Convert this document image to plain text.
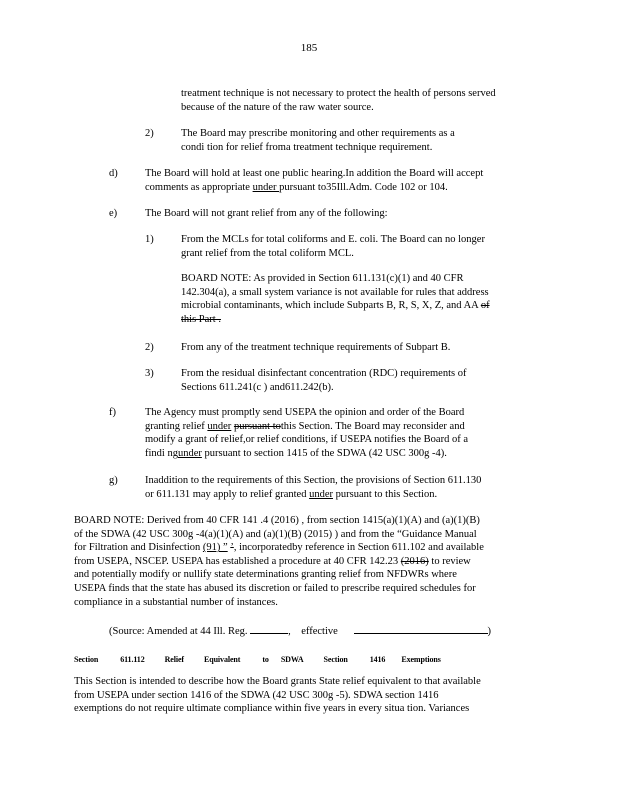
185
treatment technique is not necessary to protect the health of persons served
because of the nature of the raw water source.
2)	The Board may prescribe monitoring and other requirements as a
condi tion for relief froma treatment technique requirement.
d)	The Board will hold at least one public hearing.In addition the Board will accept
comments as appropriate under pursuant to35Ill.Adm. Code 102 or 104.
e)	The Board will not grant relief from any of the following:
1)	From the MCLs for total coliforms and E. coli. The Board can no longer
grant relief from the total coliform MCL.
BOARD NOTE: As provided in Section 611.131(c)(1) and 40 CFR
142.304(a), a small system variance is not available for rules that address
microbial contaminants, which include Subparts B, R, S, X, Z, and AA of
this Part .
2)	From any of the treatment technique requirements of Subpart B.
3)	From the residual disinfectant concentration (RDC) requirements of
Sections 611.241(c ) and611.242(b).
f)	The Agency must promptly send USEPA the opinion and order of the Board
granting relief under pursuant tothis Section. The Board may reconsider and
modify a grant of relief,or relief conditions, if USEPA notifies the Board of a
findi ngunder pursuant to section 1415 of the SDWA (42 USC 300g -4).
g)	Inaddition to the requirements of this Section, the provisions of Section 611.130
or 611.131 may apply to relief granted under pursuant to this Section.
BOARD NOTE: Derived from 40 CFR 141 .4 (2016) , from section 1415(a)(1)(A) and (a)(1)(B)
of the SDWA (42 USC 300g -4(a)(1)(A) and (a)(1)(B) (2015) ) and from the “Guidance Manual
for Filtration and Disinfection (91) ” ’, incorporatedby reference in Section 611.102 and available
from USEPA, NSCEP. USEPA has established a procedure at 40 CFR 142.23 (2016) to review
and potentially modify or nullify state determinations granting relief from NFDWRs where
USEPA finds that the state has abused its discretion or failed to prescribe required schedules for
compliance in a substantial number of instances.
(Source: Amended at 44 Ill. Reg.	, effective	)
Section	611.112	Relief	Equivalent	to SDWA	Section	1416 Exemptions
This Section is intended to describe how the Board grants State relief equivalent to that available
from USEPA under section 1416 of the SDWA (42 USC 300g -5). SDWA section 1416
exemptions do not require ultimate compliance within five years in every situa tion. Variances
